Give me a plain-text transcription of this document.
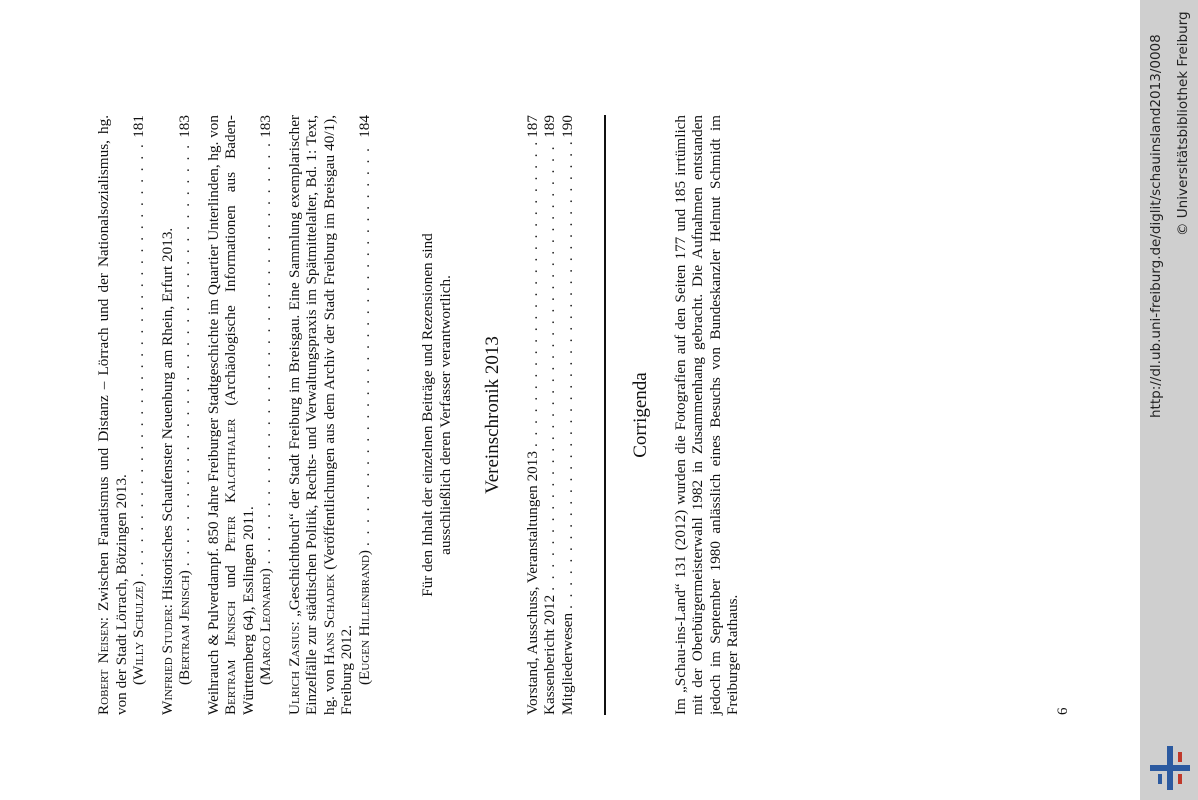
Robert Neisen: Zwischen Fanatismus und Distanz – Lörrach und der Nationalsozialismus, hg. von der Stadt Lörrach, Bötzingen 2013. (Willy Schulze)
. . .
181

Winfried Studer: Historisches Schaufenster Neuenburg am Rhein, Erfurt 2013.

(Bertram Jenisch)
. . .
183 Weihrauch & Pulverdampf. 850 Jahre Freiburger Stadtgeschichte im Quartier Unterlinden, hg. von Bertram Jenisch und Peter Kalchthaler (Archäologische Informationen aus Baden-Württemberg 64), Esslingen 2011. (Marco Leonardi)
. . .
183

Ulrich Zasius: „Geschichtbuch“ der Stadt Freiburg im Breisgau. Eine Sammlung exemplarischer Einzelfälle zur städtischen Politik, Rechts- und Verwaltungspraxis im Spätmittelalter, Bd. 1: Text, hg. von Hans Schadek (Veröffentlichungen aus dem Archiv der Stadt Freiburg im Breisgau 40/1), Freiburg 2012. (Eugen Hillenbrand)
. . .
184
Für den Inhalt der einzelnen Beiträge und Rezensionen sind ausschließlich deren Verfasser verantwortlich. Vereinschronik 2013
Vorstand, Ausschuss, Veranstaltungen 2013
. . .
187
Kassenbericht 2012
. . .
189
Mitgliederwesen
. . .
190
Corrigenda Im „Schau-ins-Land“ 131 (2012) wurden die Fotografien auf den Seiten 177 und 185 irrtümlich mit der Oberbürgermeisterwahl 1982 in Zusammenhang gebracht. Die Aufnahmen entstanden jedoch im September 1980 anlässlich eines Besuchs von Bundeskanzler Helmut Schmidt im Freiburger Rathaus.	6
http://dl.ub.uni-freiburg.de/diglit/schauinsland2013/0008 © Universitätsbibliothek Freiburg
